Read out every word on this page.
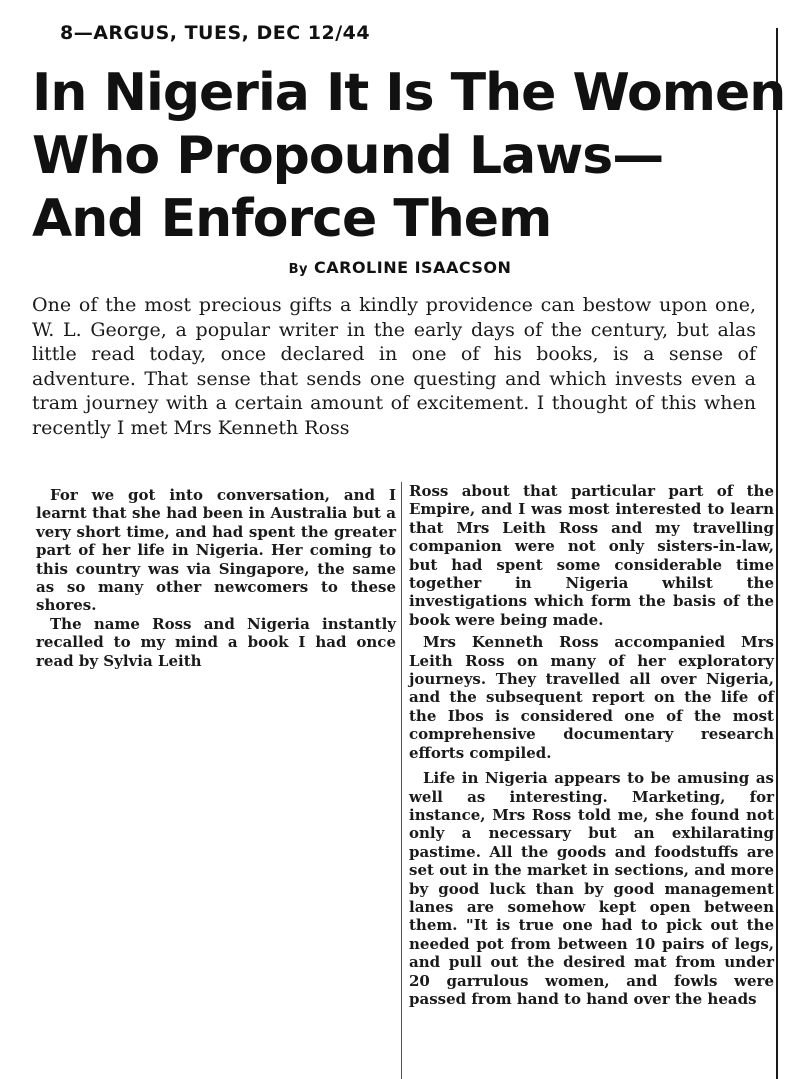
8—ARGUS, TUES, DEC 12/44
In Nigeria It Is The Women
Who Propound Laws—
And Enforce Them
By CAROLINE ISAACSON
One of the most precious gifts a kindly providence can bestow upon one, W. L. George, a popular writer in the early days of the century, but alas little read today, once declared in one of his books, is a sense of adventure. That sense that sends one questing and which invests even a tram journey with a certain amount of excitement. I thought of this when recently I met Mrs Kenneth Ross

For we got into conversation, and I learnt that she had been in Australia but a very short time, and had spent the greater part of her life in Nigeria. Her coming to this country was via Singapore, the same as so many other newcomers to these shores.

The name Ross and Nigeria instantly recalled to my mind a book I had once read by Sylvia Leith

Ross about that particular part of the Empire, and I was most interested to learn that Mrs Leith Ross and my travelling companion were not only sisters-in-law, but had spent some considerable time together in Nigeria whilst the investigations which form the basis of the book were being made.

Mrs Kenneth Ross accompanied Mrs Leith Ross on many of her exploratory journeys. They travelled all over Nigeria, and the subsequent report on the life of the Ibos is considered one of the most comprehensive documentary research efforts compiled.

Life in Nigeria appears to be amusing as well as interesting. Marketing, for instance, Mrs Ross told me, she found not only a necessary but an exhilarating pastime. All the goods and foodstuffs are set out in the market in sections, and more by good luck than by good management lanes are somehow kept open between them. "It is true one had to pick out the needed pot from between 10 pairs of legs, and pull out the desired mat from under 20 garrulous women, and fowls were passed from hand to hand over the heads
